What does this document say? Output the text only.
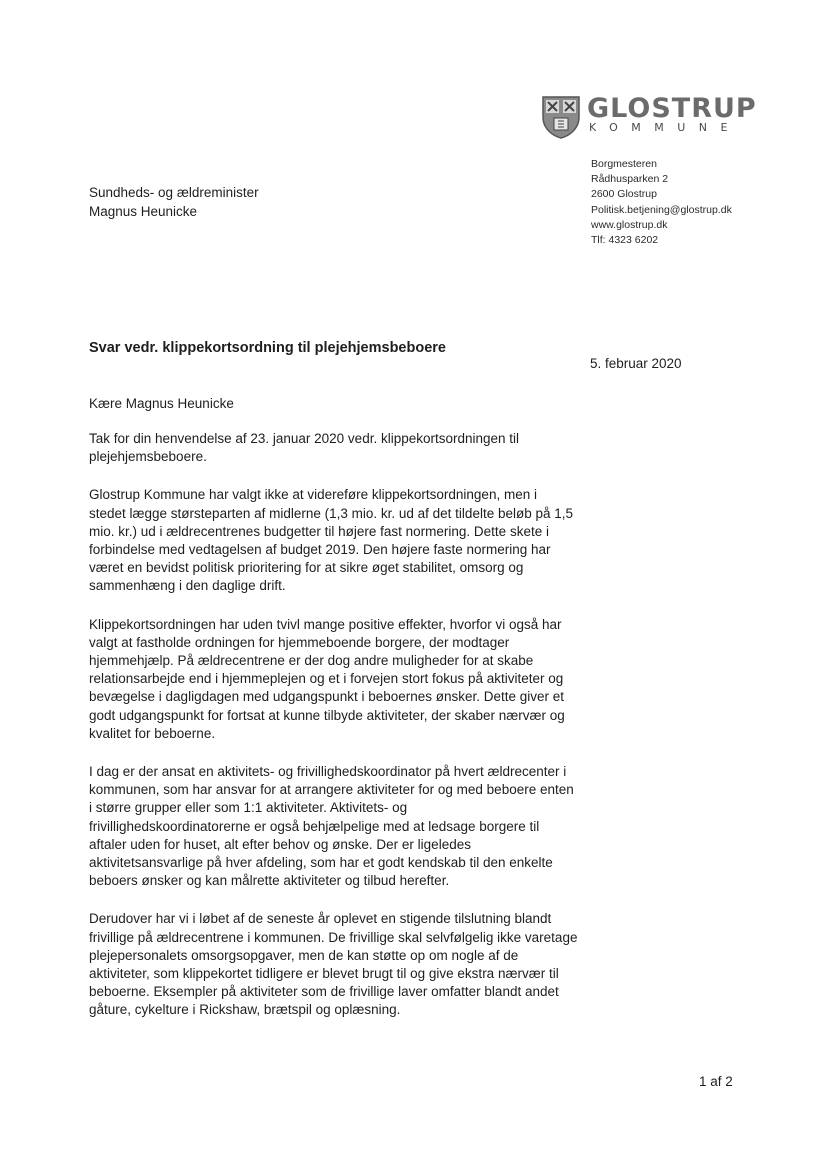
GLOSTRUP
KOMMUNE
Borgmesteren
Rådhusparken 2
2600 Glostrup
Politisk.betjening@glostrup.dk
www.glostrup.dk
Tlf: 4323 6202
Sundheds- og ældreminister
Magnus Heunicke
Svar vedr. klippekortsordning til plejehjemsbeboere
5. februar 2020
Kære Magnus Heunicke
Tak for din henvendelse af 23. januar 2020 vedr. klippekortsordningen til
plejehjemsbeboere.
Glostrup Kommune har valgt ikke at videreføre klippekortsordningen, men i
stedet lægge størsteparten af midlerne (1,3 mio. kr. ud af det tildelte beløb på 1,5
mio. kr.) ud i ældrecentrenes budgetter til højere fast normering. Dette skete i
forbindelse med vedtagelsen af budget 2019. Den højere faste normering har
været en bevidst politisk prioritering for at sikre øget stabilitet, omsorg og
sammenhæng i den daglige drift.
Klippekortsordningen har uden tvivl mange positive effekter, hvorfor vi også har
valgt at fastholde ordningen for hjemmeboende borgere, der modtager
hjemmehjælp. På ældrecentrene er der dog andre muligheder for at skabe
relationsarbejde end i hjemmeplejen og et i forvejen stort fokus på aktiviteter og
bevægelse i dagligdagen med udgangspunkt i beboernes ønsker. Dette giver et
godt udgangspunkt for fortsat at kunne tilbyde aktiviteter, der skaber nærvær og
kvalitet for beboerne.
I dag er der ansat en aktivitets- og frivillighedskoordinator på hvert ældrecenter i
kommunen, som har ansvar for at arrangere aktiviteter for og med beboere enten
i større grupper eller som 1:1 aktiviteter. Aktivitets- og
frivillighedskoordinatorerne er også behjælpelige med at ledsage borgere til
aftaler uden for huset, alt efter behov og ønske. Der er ligeledes
aktivitetsansvarlige på hver afdeling, som har et godt kendskab til den enkelte
beboers ønsker og kan målrette aktiviteter og tilbud herefter.
Derudover har vi i løbet af de seneste år oplevet en stigende tilslutning blandt
frivillige på ældrecentrene i kommunen. De frivillige skal selvfølgelig ikke varetage
plejepersonalets omsorgsopgaver, men de kan støtte op om nogle af de
aktiviteter, som klippekortet tidligere er blevet brugt til og give ekstra nærvær til
beboerne. Eksempler på aktiviteter som de frivillige laver omfatter blandt andet
gåture, cykelture i Rickshaw, brætspil og oplæsning.
1 af 2
